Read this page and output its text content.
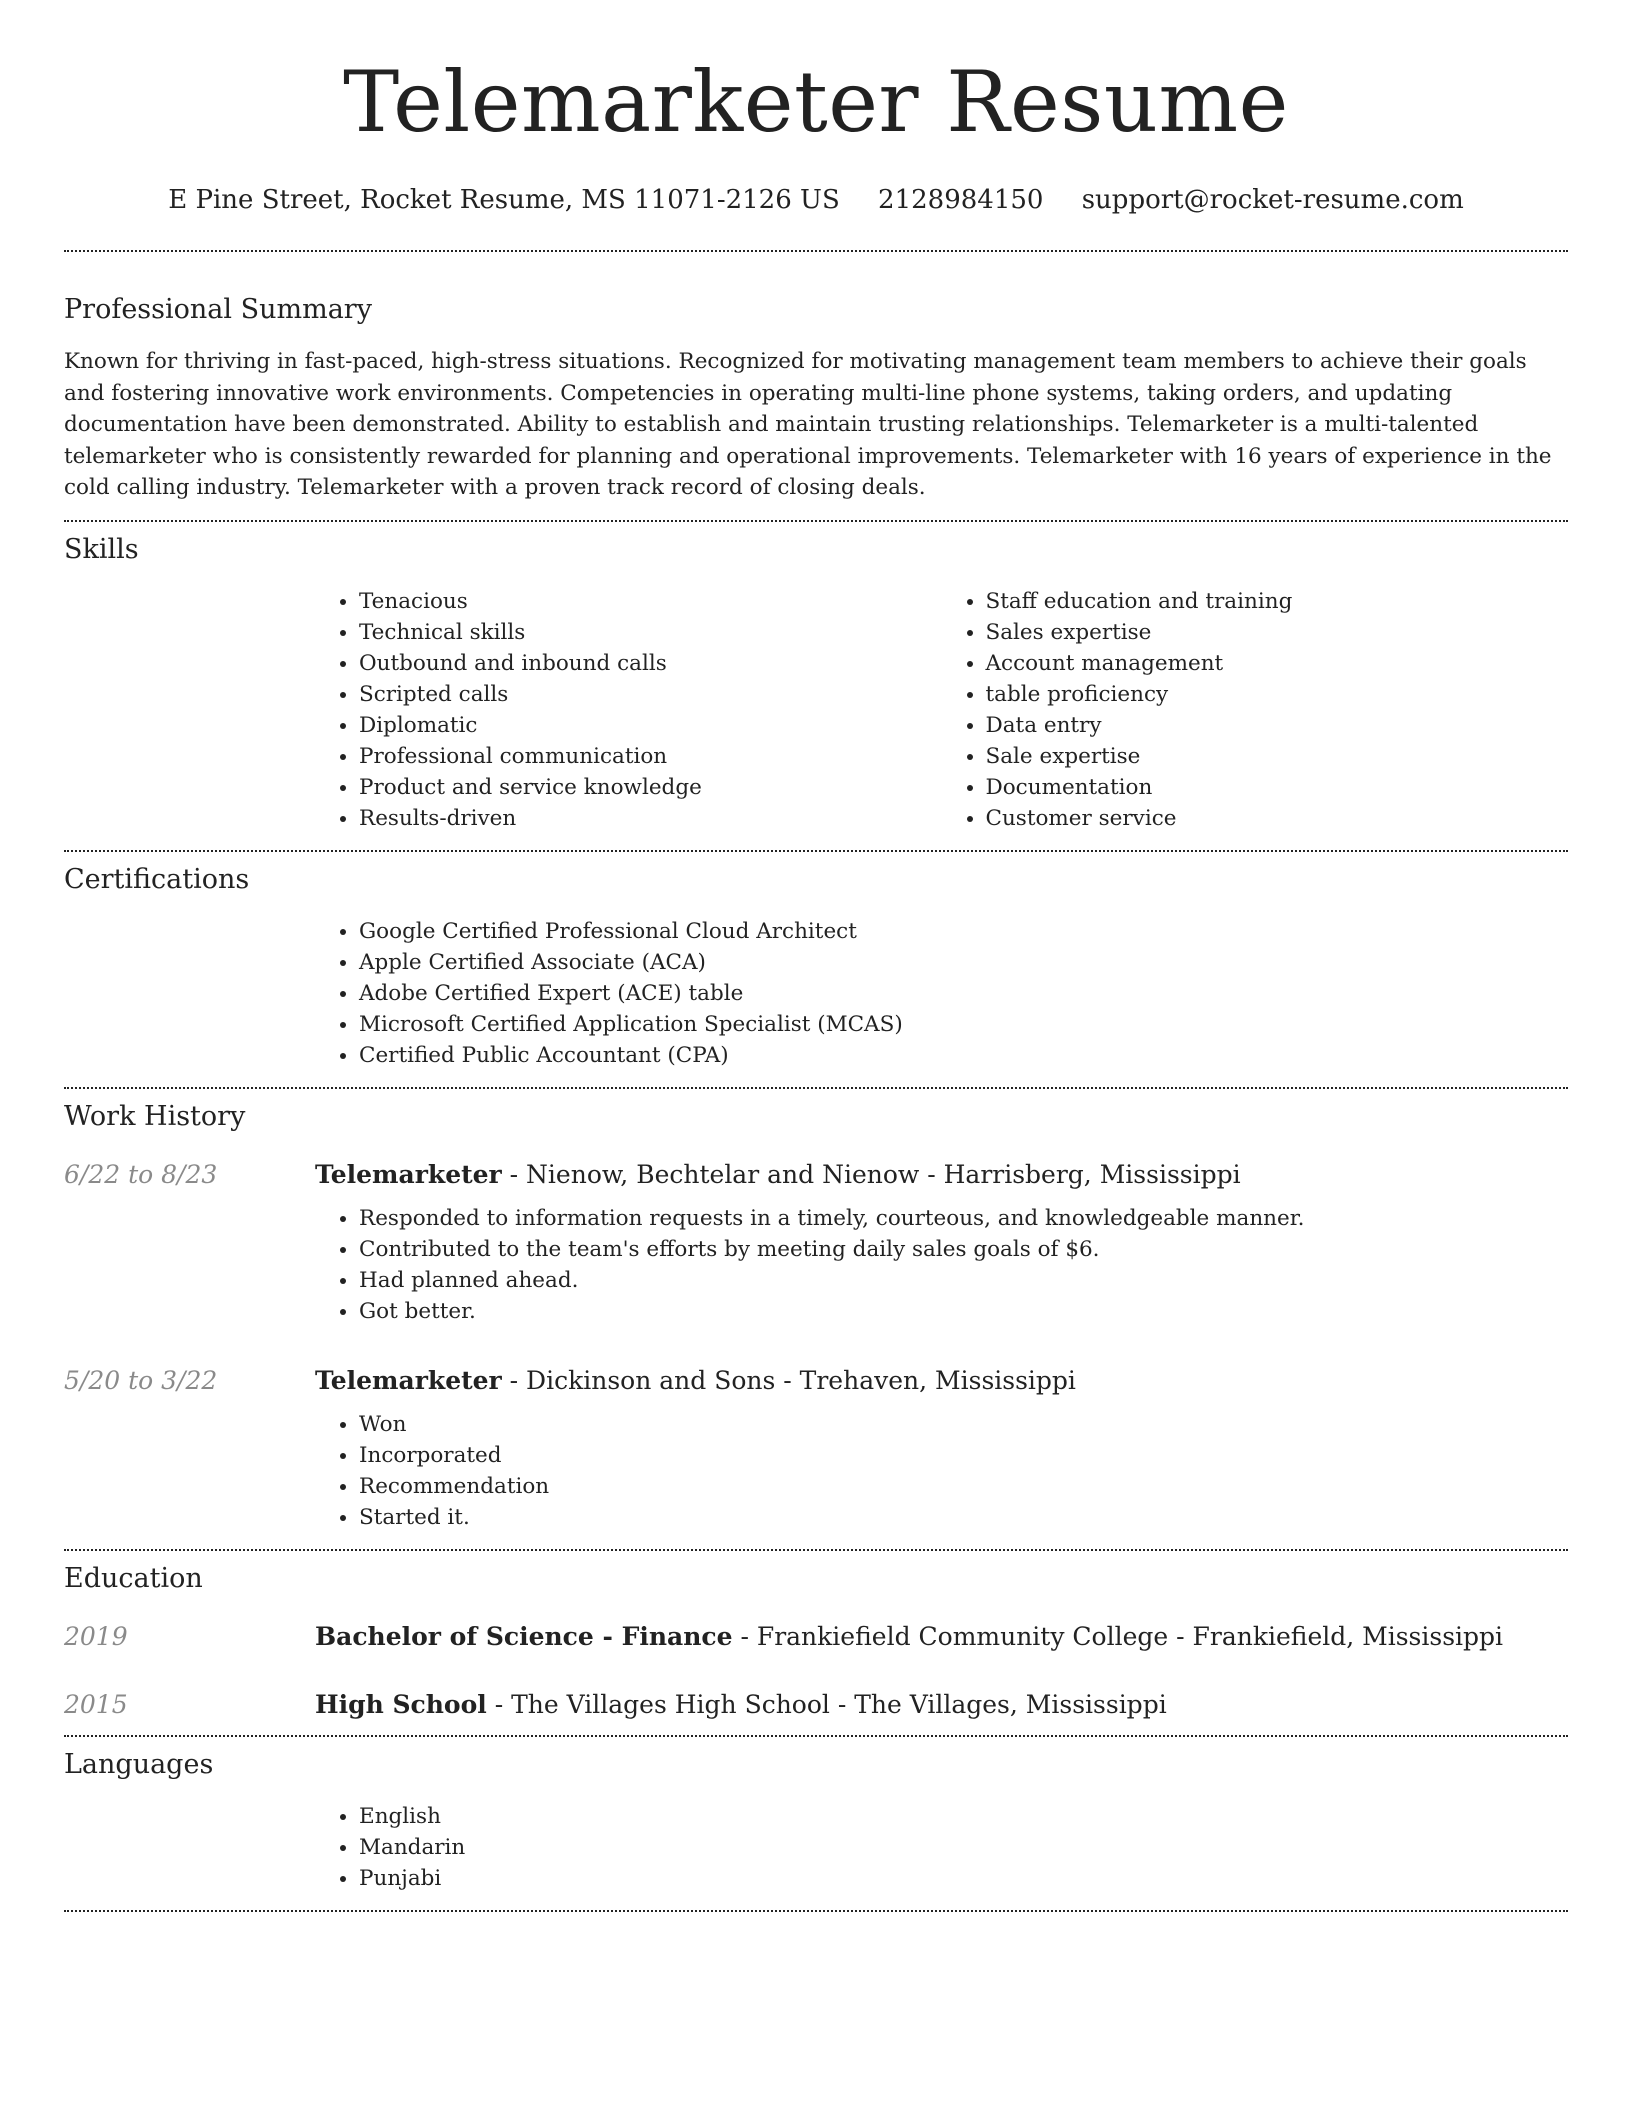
Telemarketer Resume
E Pine Street, Rocket Resume, MS 11071-2126 US 2128984150 support@rocket-resume.com
Professional Summary

Known for thriving in fast-paced, high-stress situations. Recognized for motivating management team members to achieve their goals and fostering innovative work environments. Competencies in operating multi-line phone systems, taking orders, and updating documentation have been demonstrated. Ability to establish and maintain trusting relationships. Telemarketer is a multi-talented telemarketer who is consistently rewarded for planning and operational improvements. Telemarketer with 16 years of experience in the cold calling industry. Telemarketer with a proven track record of closing deals.

Skills
• Tenacious
• Technical skills
• Outbound and inbound calls
• Scripted calls
• Diplomatic
• Professional communication
• Product and service knowledge
• Results-driven
• Staff education and training
• Sales expertise
• Account management
• table proficiency
• Data entry
• Sale expertise
• Documentation
• Customer service
Certifications
• Google Certified Professional Cloud Architect
• Apple Certified Associate (ACA)
• Adobe Certified Expert (ACE) table
• Microsoft Certified Application Specialist (MCAS)
• Certified Public Accountant (CPA)
Work History
6/22 to 8/23	Telemarketer - Nienow, Bechtelar and Nienow - Harrisberg, Mississippi
• Responded to information requests in a timely, courteous, and knowledgeable manner.
• Contributed to the team's efforts by meeting daily sales goals of $6.
• Had planned ahead.
• Got better.
5/20 to 3/22	Telemarketer - Dickinson and Sons - Trehaven, Mississippi
• Won
• Incorporated
• Recommendation
• Started it.
Education
2019	Bachelor of Science - Finance - Frankiefield Community College - Frankiefield, Mississippi
2015	High School - The Villages High School - The Villages, Mississippi
Languages
• English
• Mandarin
• Punjabi
